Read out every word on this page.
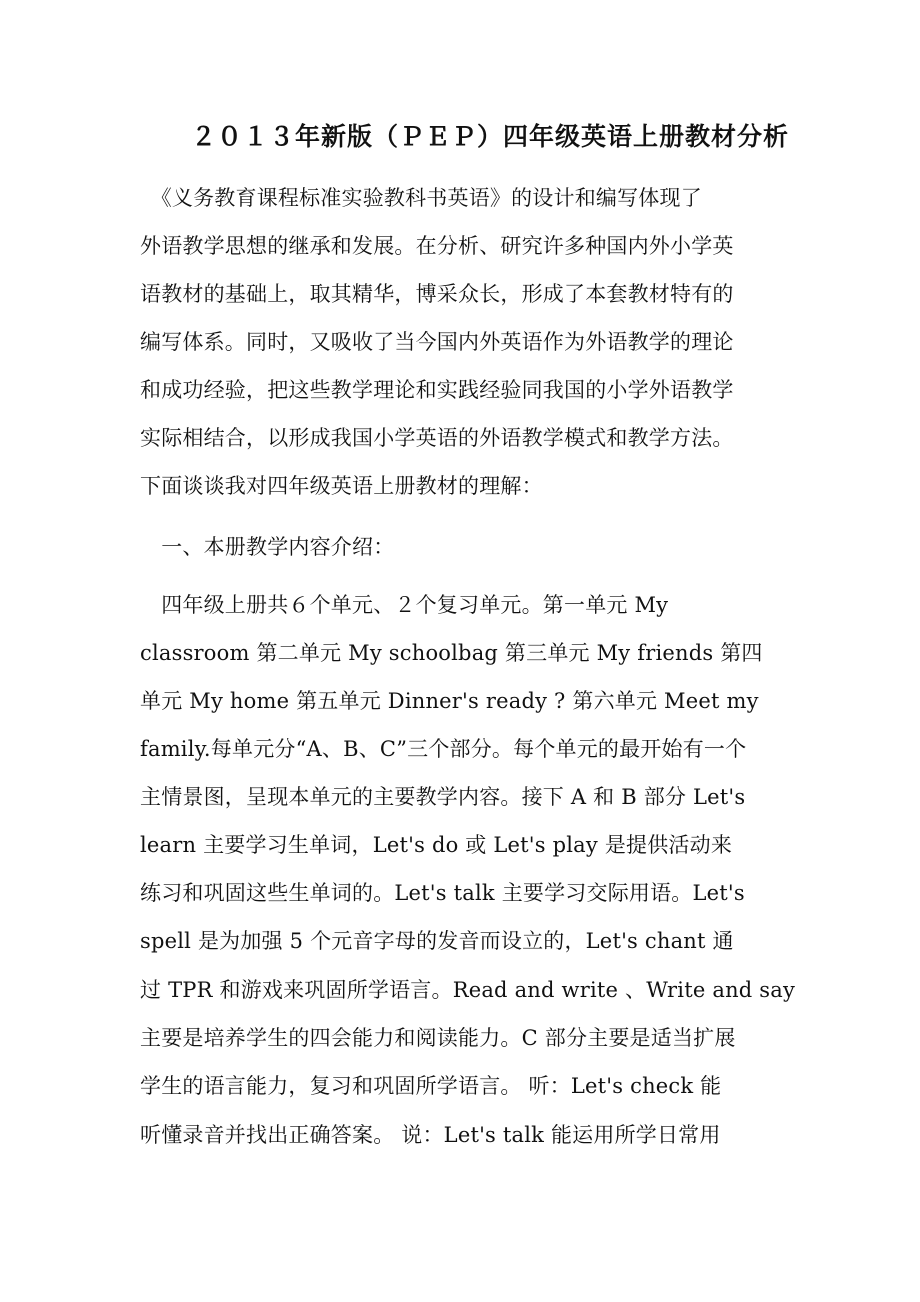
２０１３年新版（ＰＥＰ）四年级英语上册教材分析
　《义务教育课程标准实验教科书英语》的设计和编写体现了
外语教学思想的继承和发展。在分析、研究许多种国内外小学英
语教材的基础上，取其精华，博采众长，形成了本套教材特有的
编写体系。同时，又吸收了当今国内外英语作为外语教学的理论
和成功经验，把这些教学理论和实践经验同我国的小学外语教学
实际相结合，以形成我国小学英语的外语教学模式和教学方法。
下面谈谈我对四年级英语上册教材的理解：
　一、本册教学内容介绍：
　四年级上册共６个单元、２个复习单元。第一单元 My
classroom 第二单元 My schoolbag 第三单元 My friends 第四
单元 My home 第五单元 Dinner's ready ? 第六单元 Meet my
family.每单元分“A、B、C”三个部分。每个单元的最开始有一个
主情景图，呈现本单元的主要教学内容。接下 A 和 B 部分 Let's
learn 主要学习生单词，Let's do 或 Let's play 是提供活动来
练习和巩固这些生单词的。Let's talk 主要学习交际用语。Let's
spell 是为加强 5 个元音字母的发音而设立的，Let's chant 通
过 TPR 和游戏来巩固所学语言。Read and write 、Write and say
主要是培养学生的四会能力和阅读能力。C 部分主要是适当扩展
学生的语言能力，复习和巩固所学语言。 听：Let's check 能
听懂录音并找出正确答案。 说：Let's talk 能运用所学日常用
